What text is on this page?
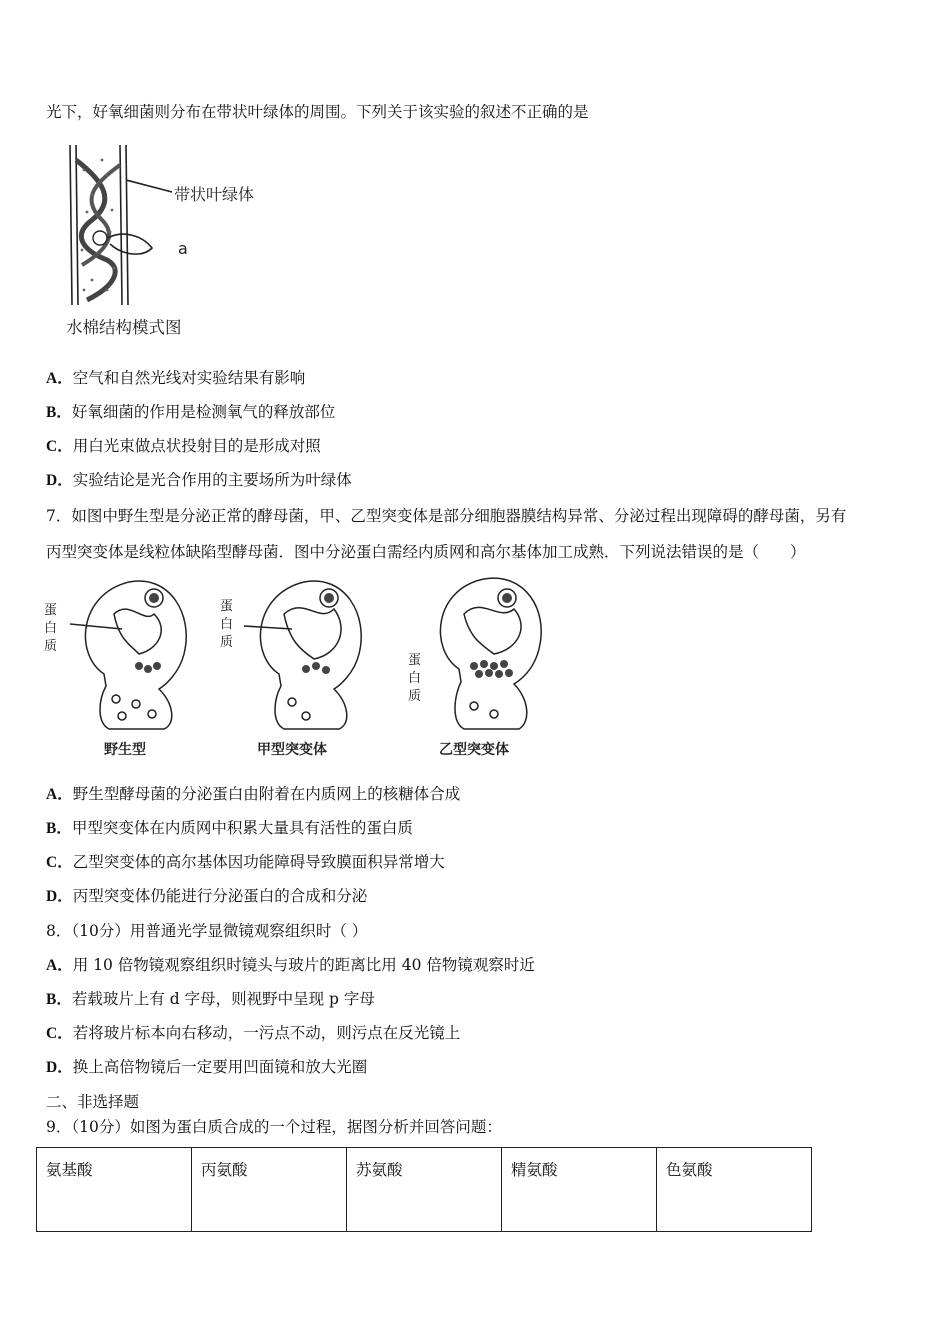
光下，好氧细菌则分布在带状叶绿体的周围。下列关于该实验的叙述不正确的是
带状叶绿体
a
水棉结构模式图
A．空气和自然光线对实验结果有影响
B．好氧细菌的作用是检测氧气的释放部位
C．用白光束做点状投射目的是形成对照
D．实验结论是光合作用的主要场所为叶绿体
7．如图中野生型是分泌正常的酵母菌，甲、乙型突变体是部分细胞器膜结构异常、分泌过程出现障碍的酵母菌，另有
丙型突变体是线粒体缺陷型酵母菌．图中分泌蛋白需经内质网和高尔基体加工成熟．下列说法错误的是（　　）
蛋
白
质
蛋
白
质
蛋
白
质
野生型	甲型突变体	乙型突变体
A．野生型酵母菌的分泌蛋白由附着在内质网上的核糖体合成
B．甲型突变体在内质网中积累大量具有活性的蛋白质
C．乙型突变体的高尔基体因功能障碍导致膜面积异常增大
D．丙型突变体仍能进行分泌蛋白的合成和分泌
8．（10分）用普通光学显微镜观察组织时（ ）
A．用 10 倍物镜观察组织时镜头与玻片的距离比用 40 倍物镜观察时近
B．若载玻片上有 d 字母，则视野中呈现 p 字母
C．若将玻片标本向右移动，一污点不动，则污点在反光镜上
D．换上高倍物镜后一定要用凹面镜和放大光圈
二、非选择题
9．（10分）如图为蛋白质合成的一个过程，据图分析并回答问题：
氨基酸	丙氨酸	苏氨酸	精氨酸	色氨酸
